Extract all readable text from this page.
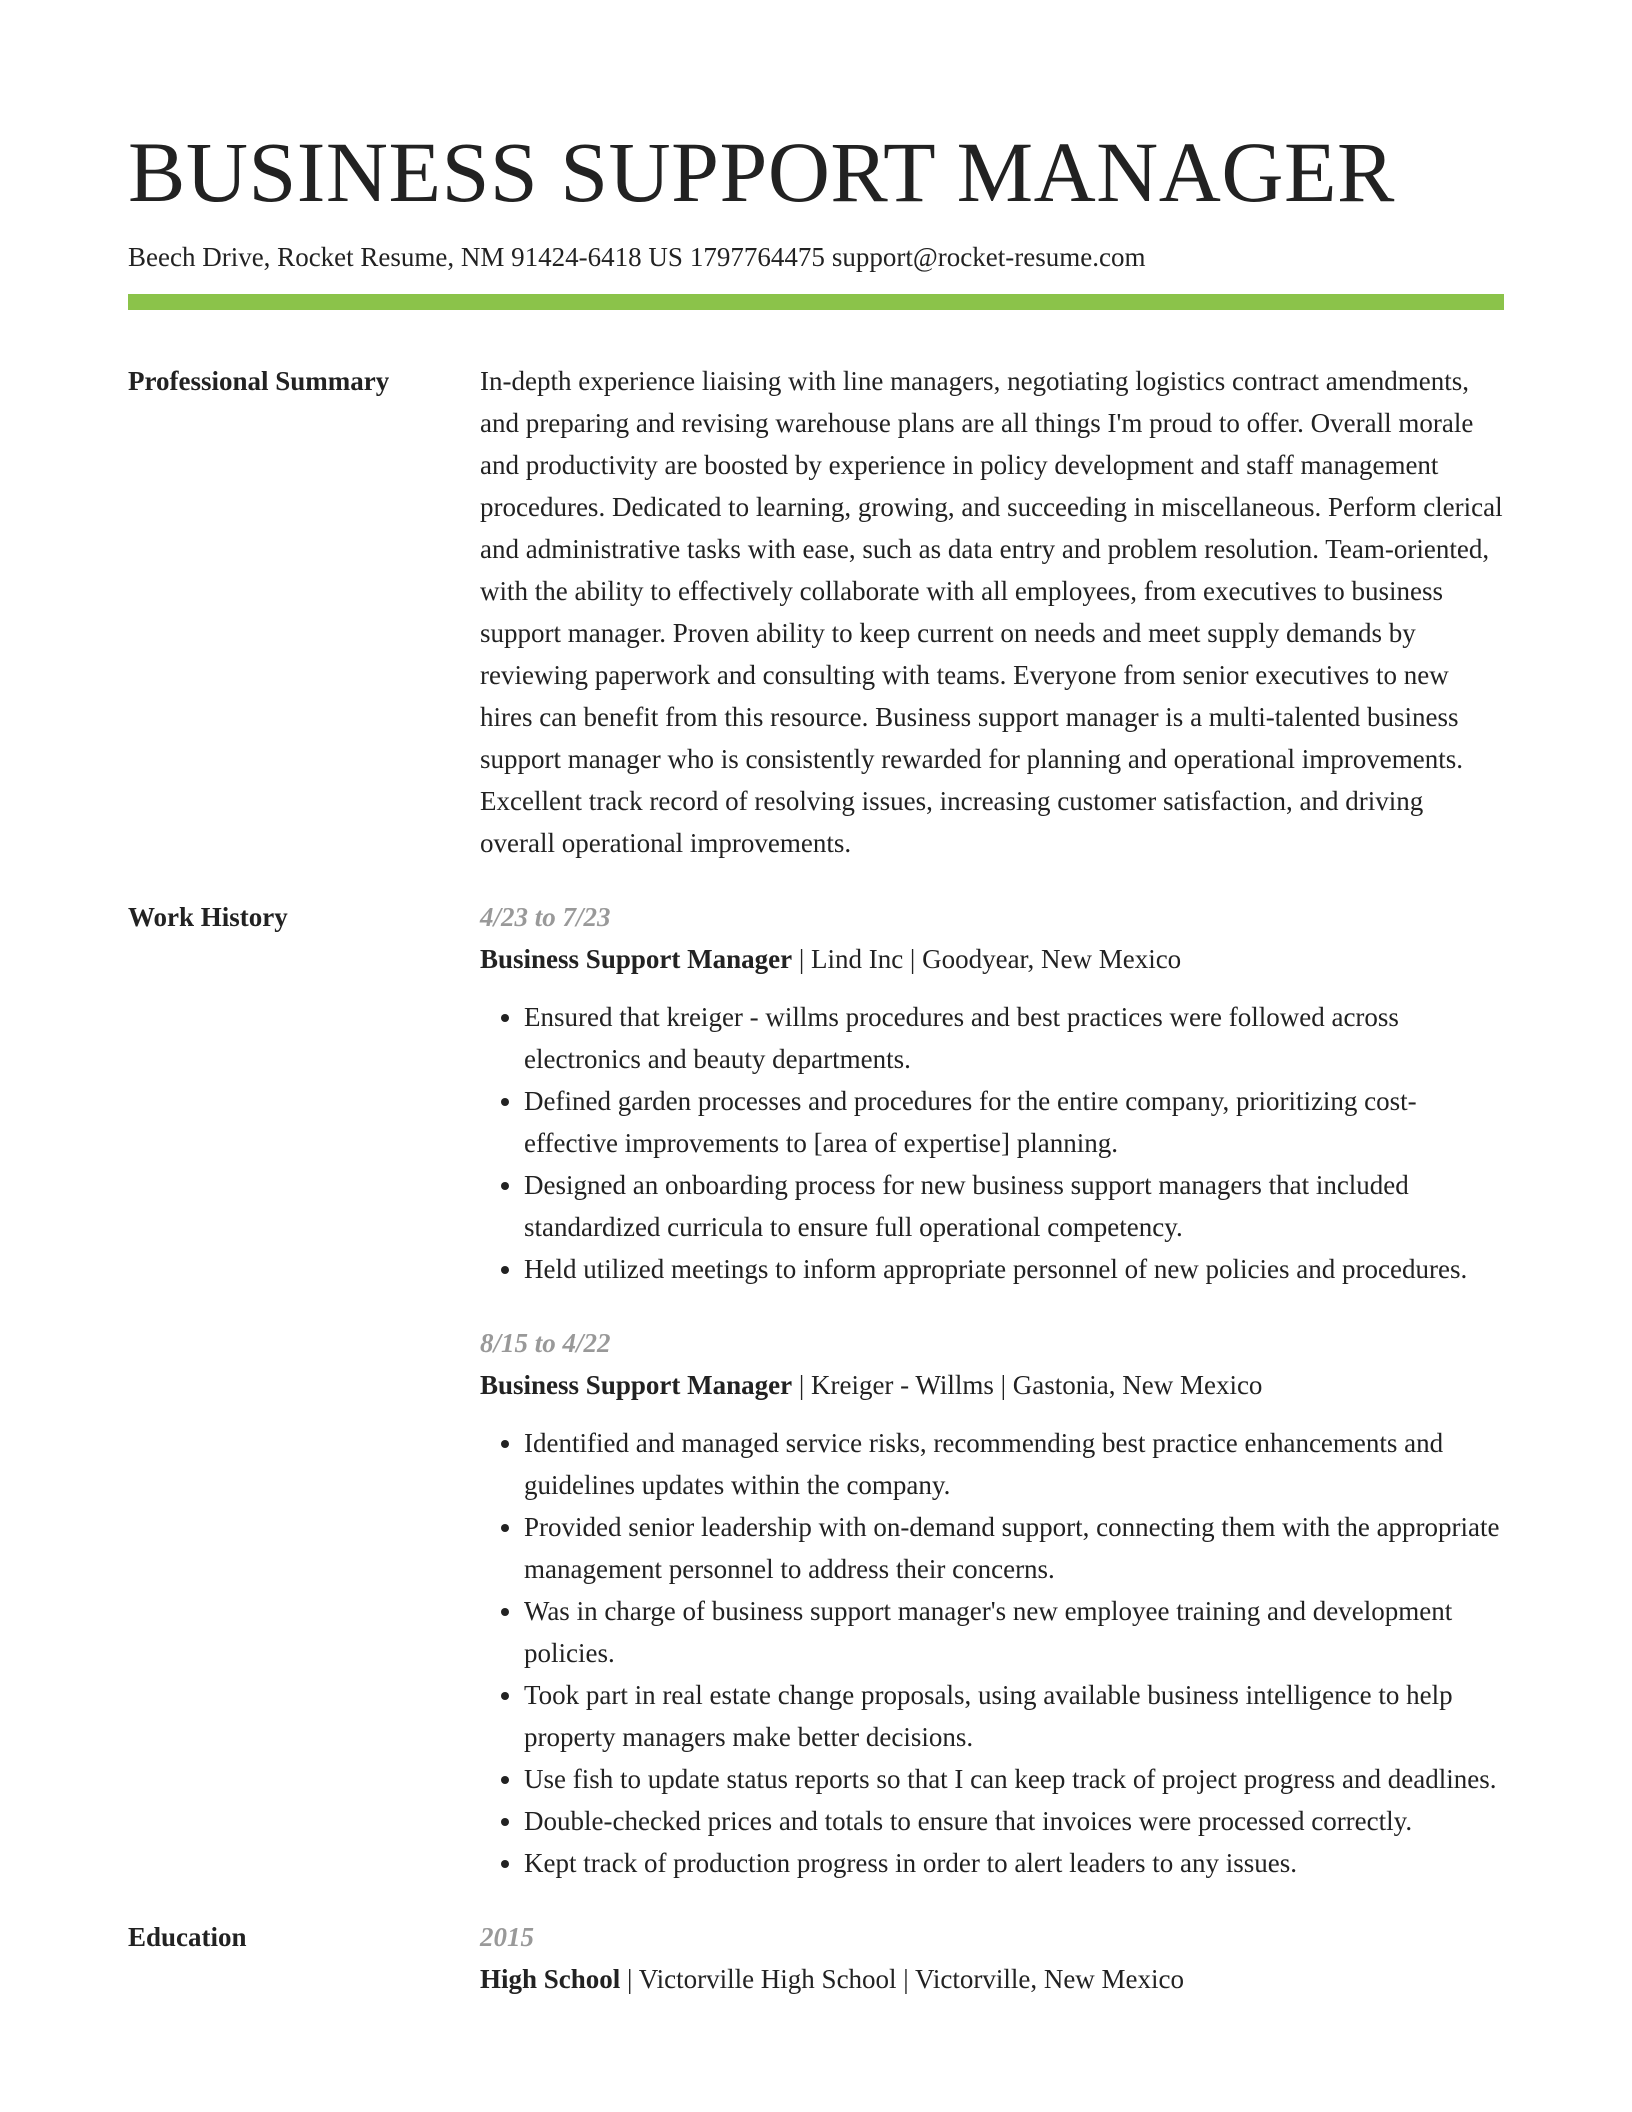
BUSINESS SUPPORT MANAGER
Beech Drive, Rocket Resume, NM 91424-6418 US 1797764475 support@rocket-resume.com
Professional Summary	In-depth experience liaising with line managers, negotiating logistics contract amendments, and preparing and revising warehouse plans are all things I'm proud to offer. Overall morale and productivity are boosted by experience in policy development and staff management procedures. Dedicated to learning, growing, and succeeding in miscellaneous. Perform clerical and administrative tasks with ease, such as data entry and problem resolution. Team-oriented, with the ability to effectively collaborate with all employees, from executives to business support manager. Proven ability to keep current on needs and meet supply demands by reviewing paperwork and consulting with teams. Everyone from senior executives to new hires can benefit from this resource. Business support manager is a multi-talented business support manager who is consistently rewarded for planning and operational improvements. Excellent track record of resolving issues, increasing customer satisfaction, and driving overall operational improvements.

Work History	4/23 to 7/23
Business Support Manager | Lind Inc | Goodyear, New Mexico
• Ensured that kreiger - willms procedures and best practices were followed across electronics and beauty departments.
• Defined garden processes and procedures for the entire company, prioritizing cost-effective improvements to [area of expertise] planning.
• Designed an onboarding process for new business support managers that included standardized curricula to ensure full operational competency.
• Held utilized meetings to inform appropriate personnel of new policies and procedures.
8/15 to 4/22
Business Support Manager | Kreiger - Willms | Gastonia, New Mexico
• Identified and managed service risks, recommending best practice enhancements and guidelines updates within the company.
• Provided senior leadership with on-demand support, connecting them with the appropriate management personnel to address their concerns.
• Was in charge of business support manager's new employee training and development policies.
• Took part in real estate change proposals, using available business intelligence to help property managers make better decisions.
• Use fish to update status reports so that I can keep track of project progress and deadlines.
• Double-checked prices and totals to ensure that invoices were processed correctly.
• Kept track of production progress in order to alert leaders to any issues.
Education	2015
High School | Victorville High School | Victorville, New Mexico
